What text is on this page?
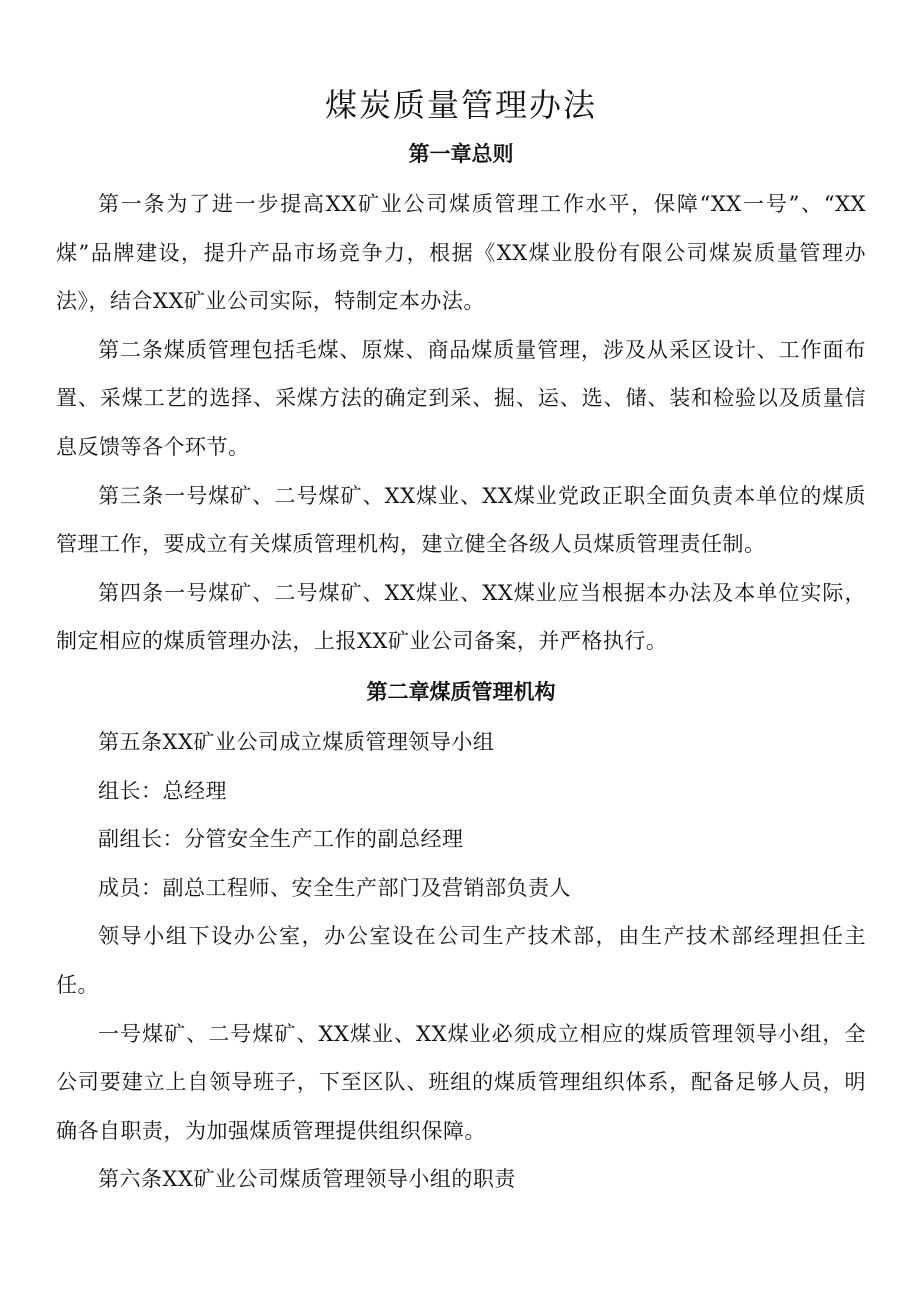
煤炭质量管理办法
第一章总则

第一条为了进一步提高XX矿业公司煤质管理工作水平，保障“XX一号”、“XX煤”品牌建设，提升产品市场竞争力，根据《XX煤业股份有限公司煤炭质量管理办法》，结合XX矿业公司实际，特制定本办法。

第二条煤质管理包括毛煤、原煤、商品煤质量管理，涉及从采区设计、工作面布置、采煤工艺的选择、采煤方法的确定到采、掘、运、选、储、装和检验以及质量信息反馈等各个环节。

第三条一号煤矿、二号煤矿、XX煤业、XX煤业党政正职全面负责本单位的煤质管理工作，要成立有关煤质管理机构，建立健全各级人员煤质管理责任制。

第四条一号煤矿、二号煤矿、XX煤业、XX煤业应当根据本办法及本单位实际，制定相应的煤质管理办法，上报XX矿业公司备案，并严格执行。

第二章煤质管理机构

第五条XX矿业公司成立煤质管理领导小组

组长：总经理

副组长：分管安全生产工作的副总经理

成员：副总工程师、安全生产部门及营销部负责人

领导小组下设办公室，办公室设在公司生产技术部，由生产技术部经理担任主任。

一号煤矿、二号煤矿、XX煤业、XX煤业必须成立相应的煤质管理领导小组，全公司要建立上自领导班子，下至区队、班组的煤质管理组织体系，配备足够人员，明确各自职责，为加强煤质管理提供组织保障。

第六条XX矿业公司煤质管理领导小组的职责
